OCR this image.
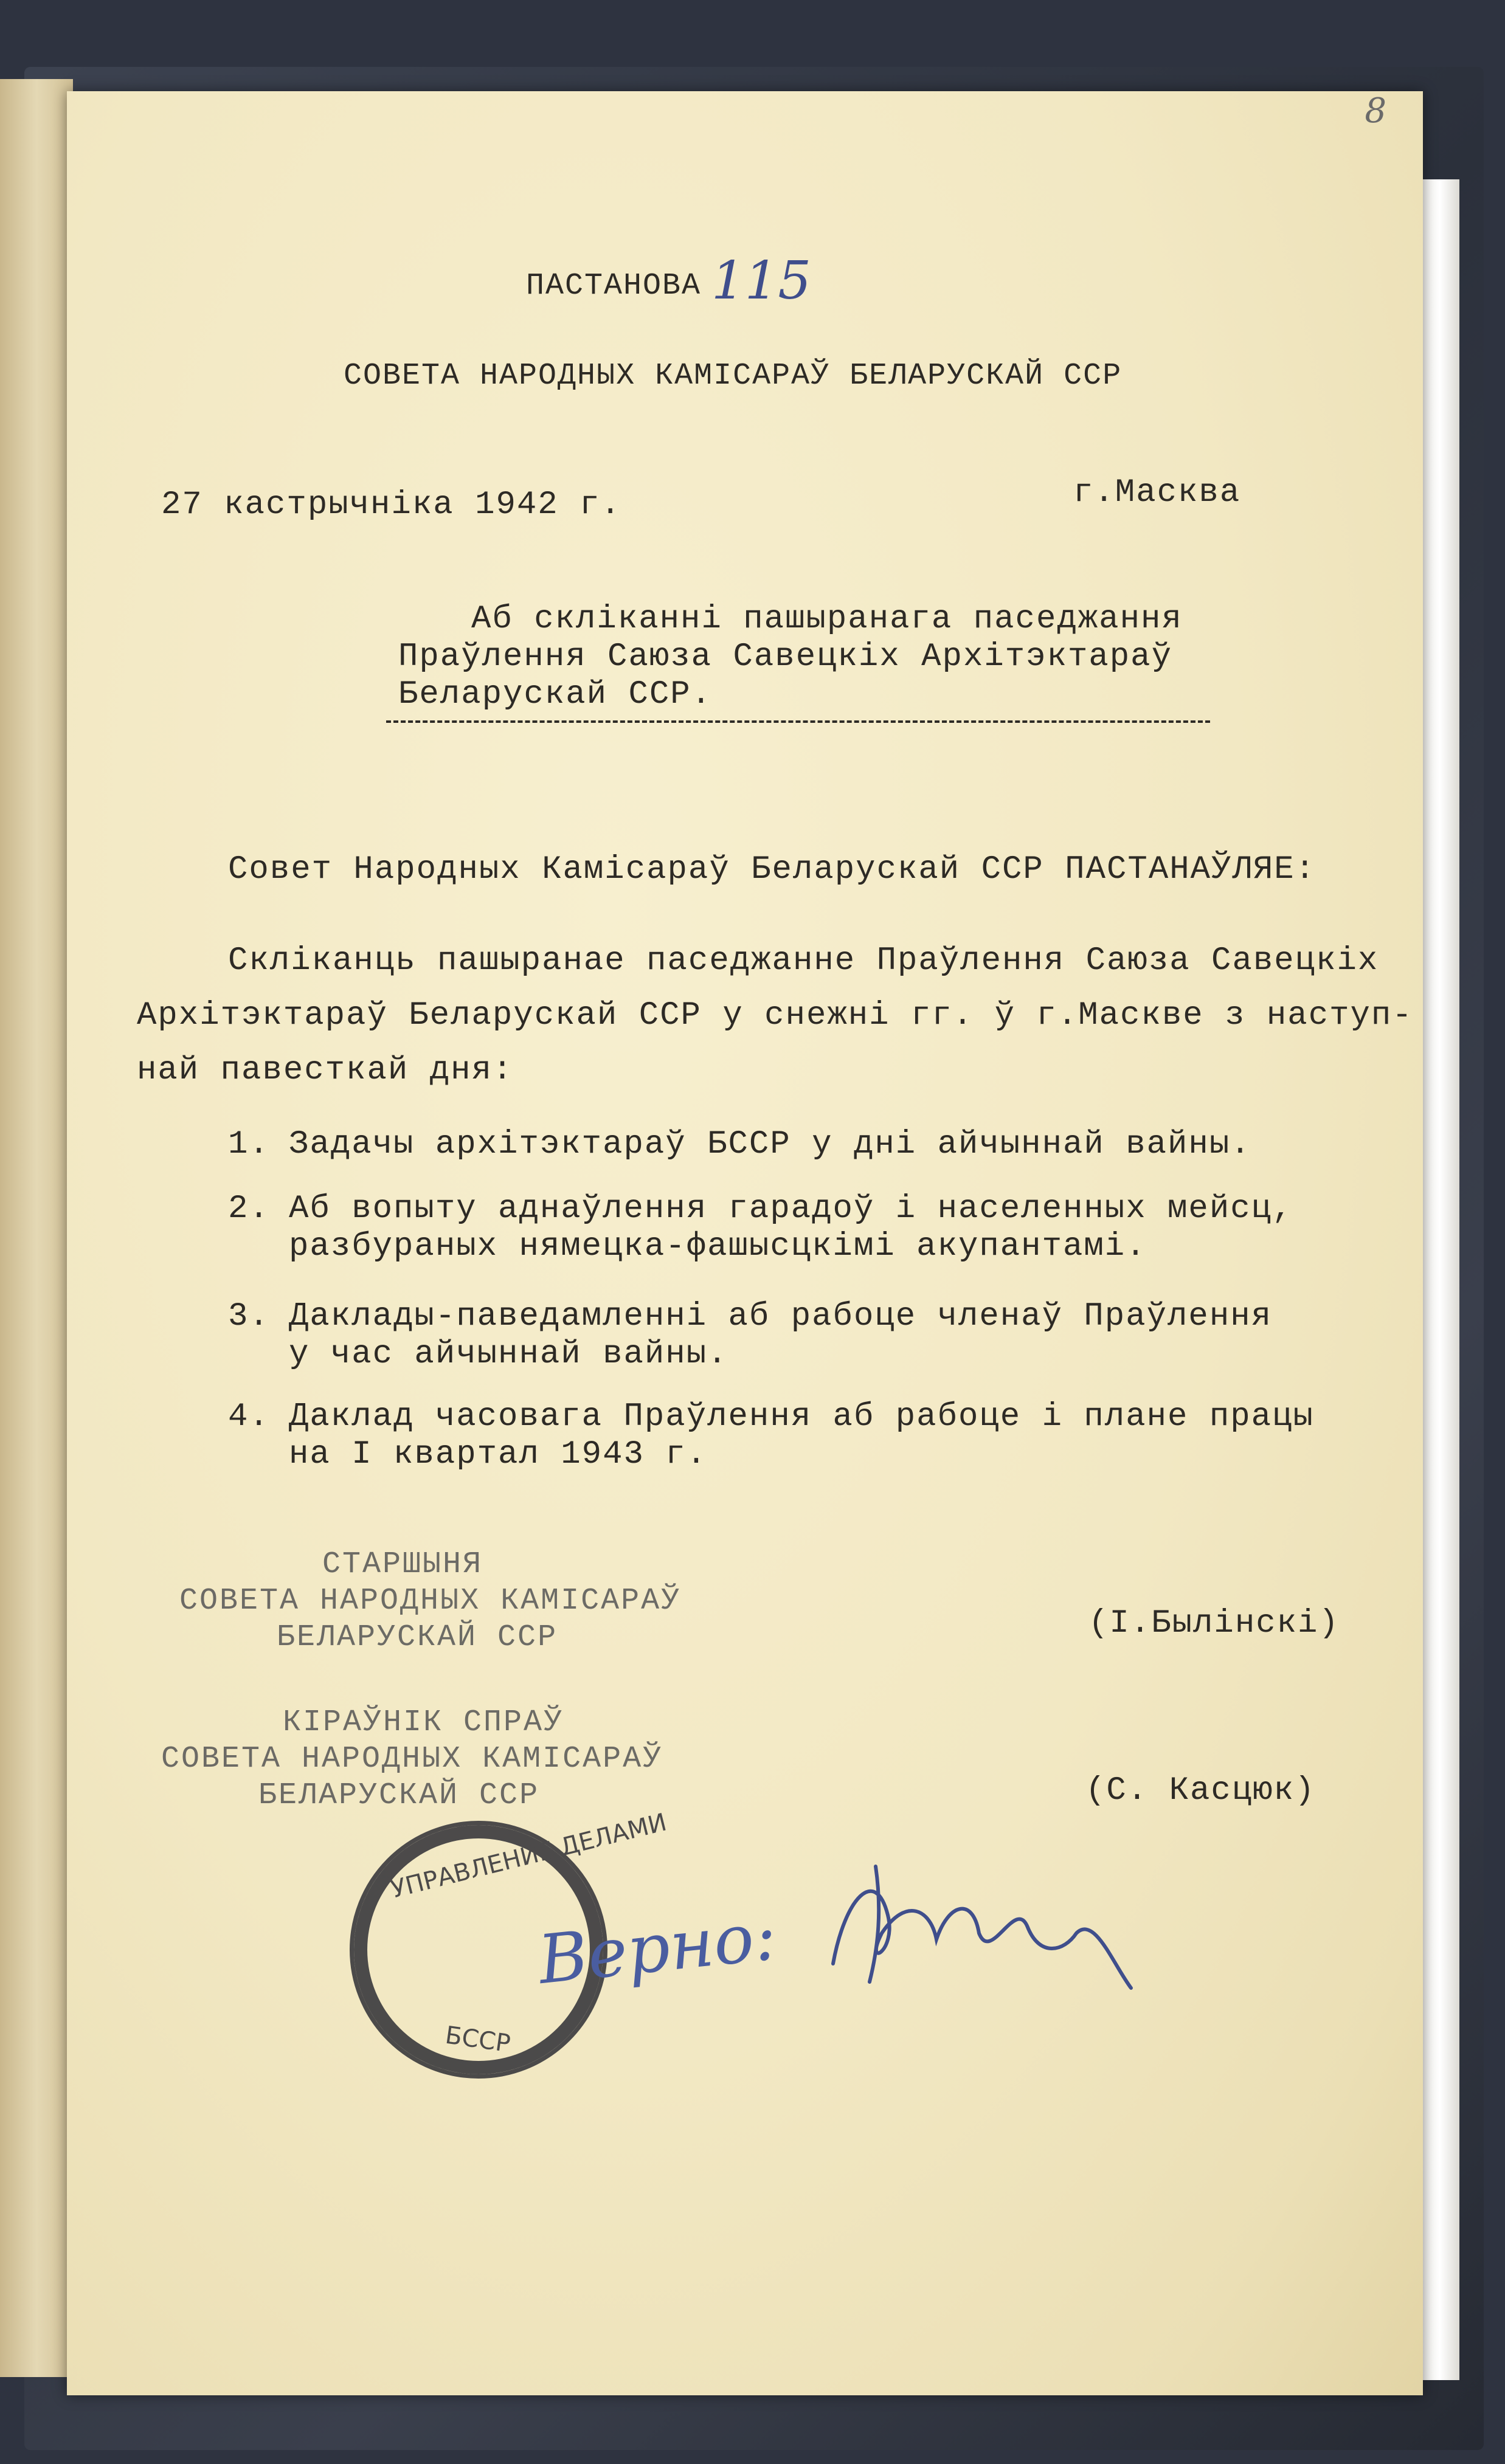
8
ПАСТАНОВА 115
СОВЕТА НАРОДНЫХ КАМІСАРАЎ БЕЛАРУСКАЙ ССР
27 кастрычніка 1942 г.	г.Масква
Аб скліканні пашыранага паседжання
Праўлення Саюза Савецкіх Архітэктараў
Беларускай ССР.
Совет Народных Камісараў Беларускай ССР ПАСТАНАЎЛЯЕ:
Скліканць пашыранае паседжанне Праўлення Саюза Савецкіх
Архітэктараў Беларускай ССР у снежні гг. ў г.Маскве з наступ-
най павесткай дня:
1. Задачы архітэктараў БССР у дні айчыннай вайны.
2. Аб вопыту аднаўлення гарадоў і населенных мейсц,
разбураных нямецка-фашысцкімі акупантамі.
3. Даклады-паведамленні аб рабоце членаў Праўлення
у час айчыннай вайны.
4. Даклад часовага Праўлення аб рабоце і плане працы
на I квартал 1943 г.
СТАРШЫНЯ
СОВЕТА НАРОДНЫХ КАМІСАРАЎ
БЕЛАРУСКАЙ ССР	(І.Былінскі)
КІРАЎНІК СПРАЎ
СОВЕТА НАРОДНЫХ КАМІСАРАЎ
БЕЛАРУСКАЙ ССР	(С. Касцюк)
УПРАВЛЕНИЕ ДЕЛАМИ
БССР
Верно:
